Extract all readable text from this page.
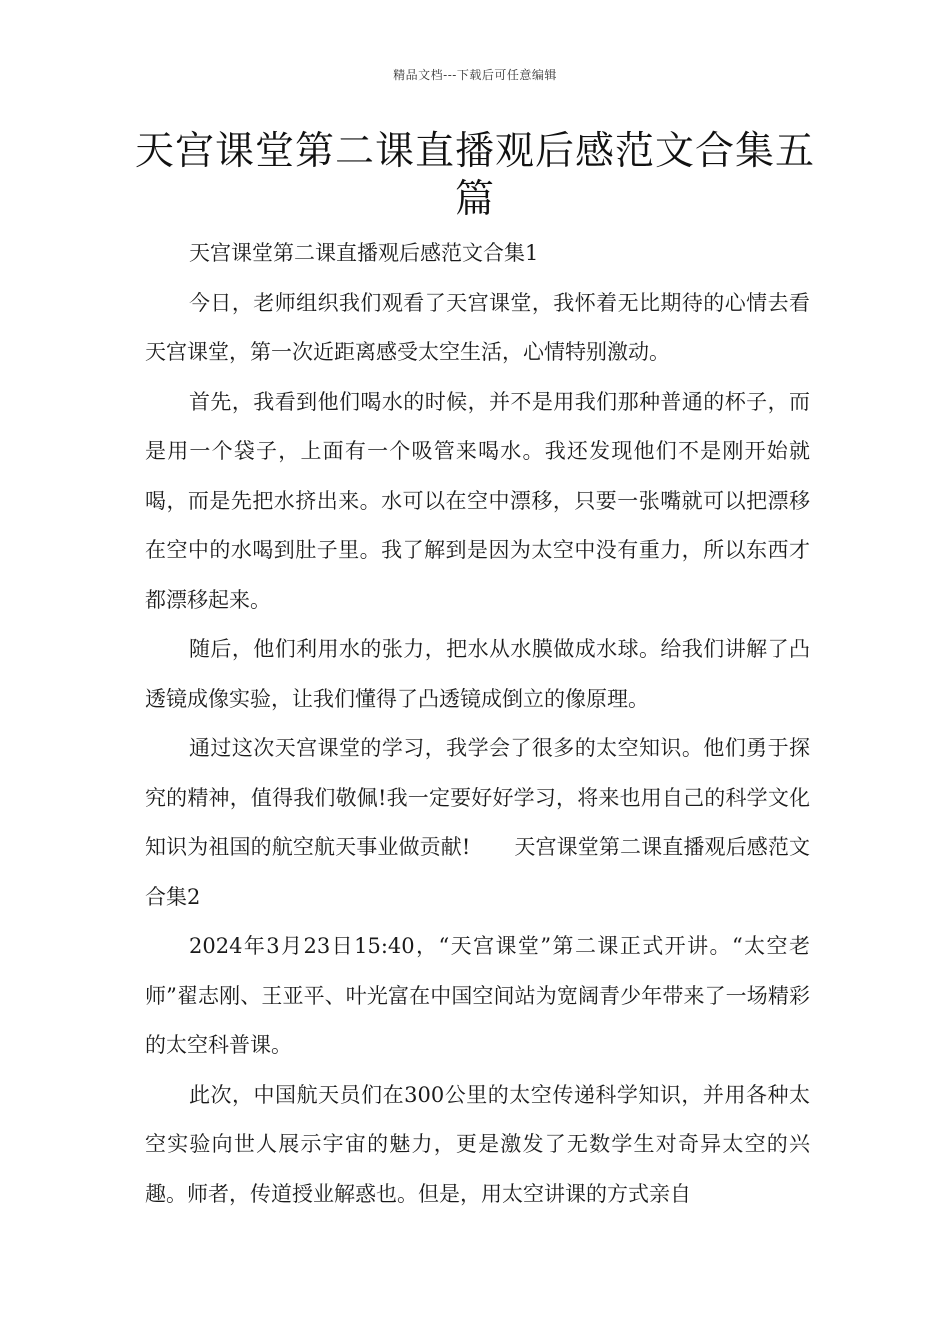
精品文档---下载后可任意编辑
天宫课堂第二课直播观后感范文合集五篇

天宫课堂第二课直播观后感范文合集1

今日，老师组织我们观看了天宫课堂，我怀着无比期待的心情去看天宫课堂，第一次近距离感受太空生活，心情特别激动。

首先，我看到他们喝水的时候，并不是用我们那种普通的杯子，而是用一个袋子，上面有一个吸管来喝水。我还发现他们不是刚开始就喝，而是先把水挤出来。水可以在空中漂移，只要一张嘴就可以把漂移在空中的水喝到肚子里。我了解到是因为太空中没有重力，所以东西才都漂移起来。

随后，他们利用水的张力，把水从水膜做成水球。给我们讲解了凸透镜成像实验，让我们懂得了凸透镜成倒立的像原理。

通过这次天宫课堂的学习，我学会了很多的太空知识。他们勇于探究的精神，值得我们敬佩!我一定要好好学习，将来也用自己的科学文化知识为祖国的航空航天事业做贡献! 天宫课堂第二课直播观后感范文合集2

2024年3月23日15:40，“天宫课堂”第二课正式开讲。“太空老师”翟志刚、王亚平、叶光富在中国空间站为宽阔青少年带来了一场精彩的太空科普课。

此次，中国航天员们在300公里的太空传递科学知识，并用各种太空实验向世人展示宇宙的魅力，更是激发了无数学生对奇异太空的兴趣。师者，传道授业解惑也。但是，用太空讲课的方式亲自
